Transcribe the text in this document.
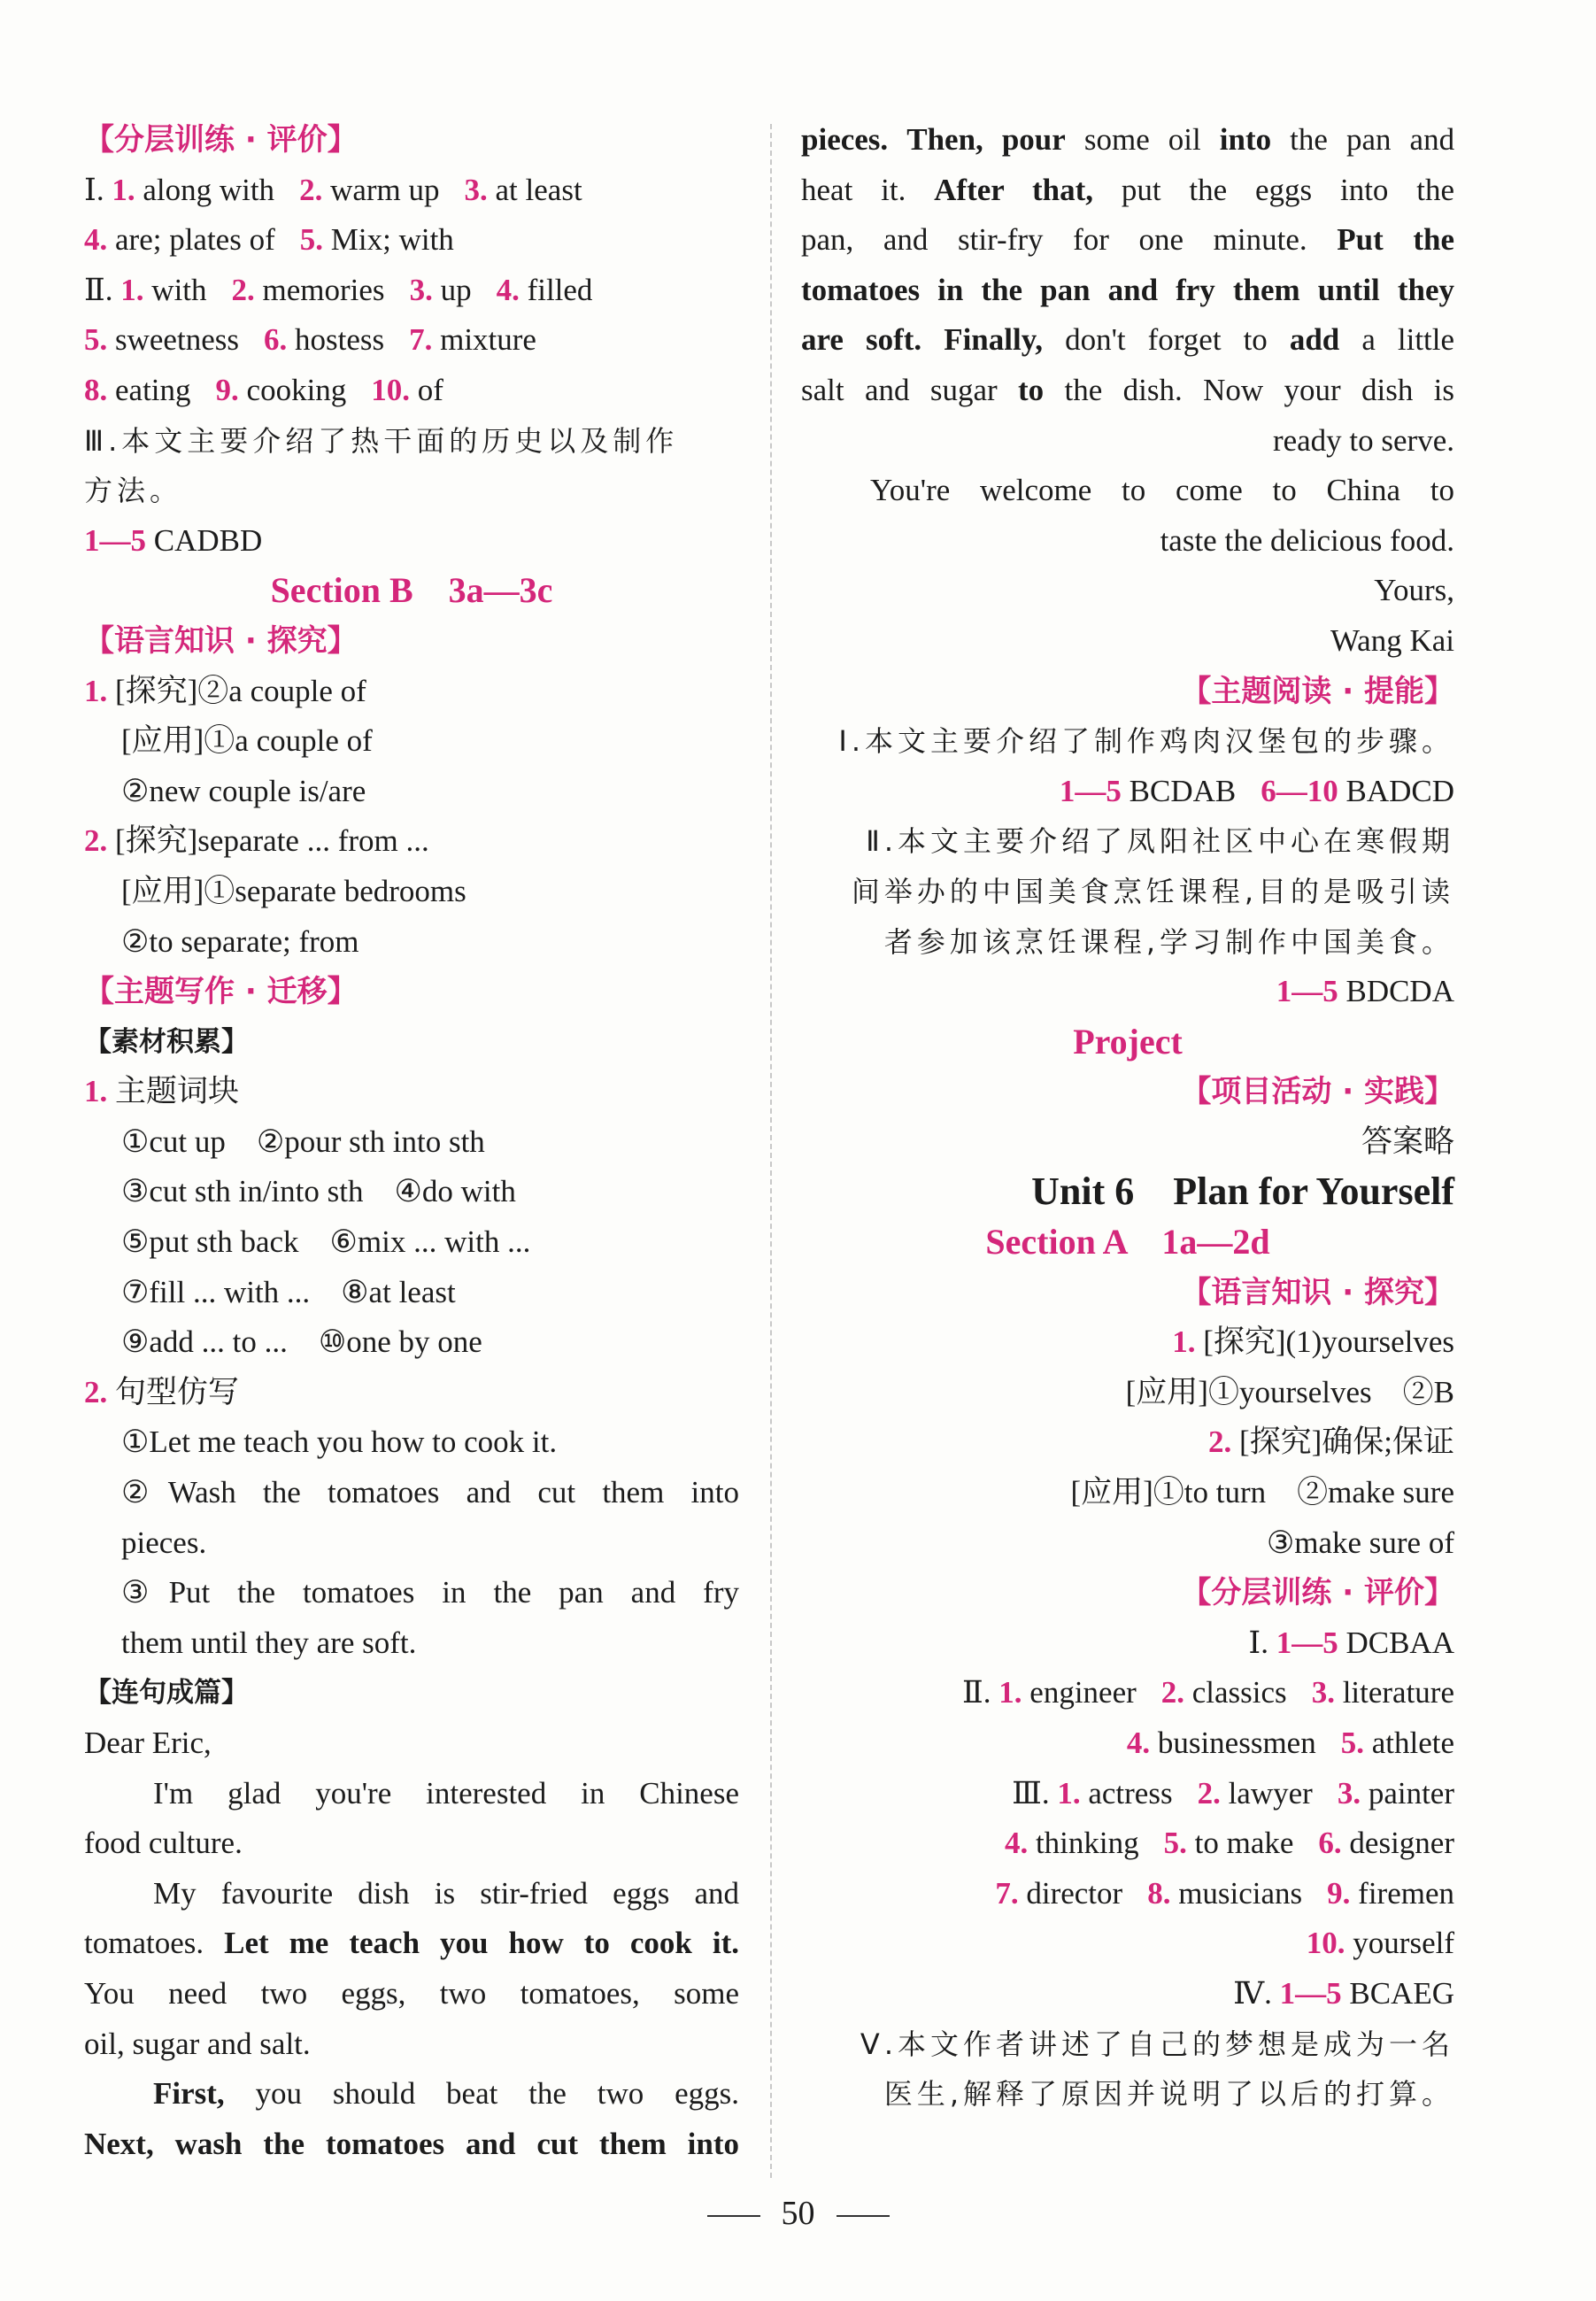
【分层训练 · 评价】
Ⅰ. 1. along with 2. warm up 3. at least
4. are; plates of 5. Mix; with
Ⅱ. 1. with 2. memories 3. up 4. filled
5. sweetness 6. hostess 7. mixture
8. eating 9. cooking 10. of
Ⅲ.本文主要介绍了热干面的历史以及制作
方法。
1—5 CADBD
Section B　3a—3c
【语言知识 · 探究】
1. [探究]②a couple of
[应用]①a couple of
②new couple is/are
2. [探究]separate ... from ...
[应用]①separate bedrooms
②to separate; from
【主题写作 · 迁移】
【素材积累】
1. 主题词块
①cut up　②pour sth into sth
③cut sth in/into sth　④do with
⑤put sth back　⑥mix ... with ...
⑦fill ... with ...　⑧at least
⑨add ... to ...　⑩one by one
2. 句型仿写
①Let me teach you how to cook it.
②Wash the tomatoes and cut them into
pieces.
③Put the tomatoes in the pan and fry
them until they are soft.
【连句成篇】
Dear Eric,
I'm glad you're interested in Chinese
food culture.
My favourite dish is stir-fried eggs and
tomatoes. Let me teach you how to cook it.
You need two eggs, two tomatoes, some
oil, sugar and salt.
First, you should beat the two eggs.
Next, wash the tomatoes and cut them into
pieces. Then, pour some oil into the pan and
heat it. After that, put the eggs into the
pan, and stir-fry for one minute. Put the
tomatoes in the pan and fry them until they
are soft. Finally, don't forget to add a little
salt and sugar to the dish. Now your dish is
ready to serve.
You're welcome to come to China to
taste the delicious food.
Yours,
Wang Kai
【主题阅读 · 提能】
Ⅰ.本文主要介绍了制作鸡肉汉堡包的步骤。
1—5 BCDAB 6—10 BADCD
Ⅱ.本文主要介绍了凤阳社区中心在寒假期
间举办的中国美食烹饪课程,目的是吸引读
者参加该烹饪课程,学习制作中国美食。
1—5 BDCDA
Project
【项目活动 · 实践】
答案略
Unit 6　Plan for Yourself
Section A　1a—2d
【语言知识 · 探究】
1. [探究](1)yourselves
[应用]①yourselves　②B
2. [探究]确保;保证
[应用]①to turn　②make sure
③make sure of
【分层训练 · 评价】
Ⅰ. 1—5 DCBAA
Ⅱ. 1. engineer 2. classics 3. literature
4. businessmen 5. athlete
Ⅲ. 1. actress 2. lawyer 3. painter
4. thinking 5. to make 6. designer
7. director 8. musicians 9. firemen
10. yourself
Ⅳ. 1—5 BCAEG
Ⅴ.本文作者讲述了自己的梦想是成为一名
医生,解释了原因并说明了以后的打算。
50
